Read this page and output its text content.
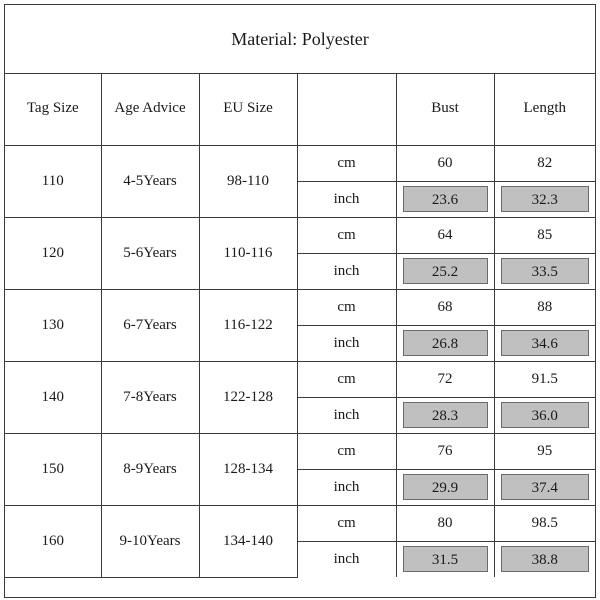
Material: Polyester
Tag Size	Age Advice	EU Size		Bust	Length
110	4-5Years	98-110	cm	60	82
			inch	23.6	32.3

120	5-6Years	110-116	cm	64	85
			inch	25.2	33.5

130	6-7Years	116-122	cm	68	88
			inch	26.8	34.6

140	7-8Years	122-128	cm	72	91.5
			inch	28.3	36.0

150	8-9Years	128-134	cm	76	95
			inch	29.9	37.4

160	9-10Years	134-140	cm	80	98.5
			inch	31.5	38.8
